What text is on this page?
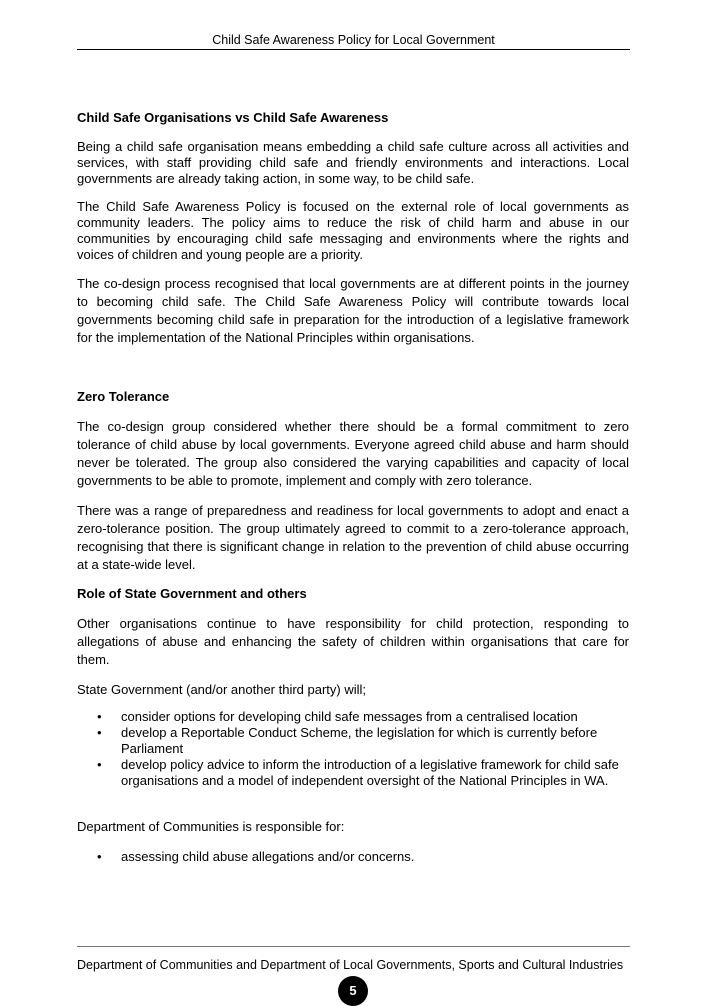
Child Safe Awareness Policy for Local Government
Child Safe Organisations vs Child Safe Awareness

Being a child safe organisation means embedding a child safe culture across all activities and services, with staff providing child safe and friendly environments and interactions. Local governments are already taking action, in some way, to be child safe.

The Child Safe Awareness Policy is focused on the external role of local governments as community leaders. The policy aims to reduce the risk of child harm and abuse in our communities by encouraging child safe messaging and environments where the rights and voices of children and young people are a priority.

The co-design process recognised that local governments are at different points in the journey to becoming child safe. The Child Safe Awareness Policy will contribute towards local governments becoming child safe in preparation for the introduction of a legislative framework for the implementation of the National Principles within organisations.

Zero Tolerance

The co-design group considered whether there should be a formal commitment to zero tolerance of child abuse by local governments. Everyone agreed child abuse and harm should never be tolerated. The group also considered the varying capabilities and capacity of local governments to be able to promote, implement and comply with zero tolerance.

There was a range of preparedness and readiness for local governments to adopt and enact a zero-tolerance position. The group ultimately agreed to commit to a zero-tolerance approach, recognising that there is significant change in relation to the prevention of child abuse occurring at a state-wide level.

Role of State Government and others

Other organisations continue to have responsibility for child protection, responding to allegations of abuse and enhancing the safety of children within organisations that care for them.

State Government (and/or another third party) will;

• consider options for developing child safe messages from a centralised location
• develop a Reportable Conduct Scheme, the legislation for which is currently before Parliament
• develop policy advice to inform the introduction of a legislative framework for child safe organisations and a model of independent oversight of the National Principles in WA.

Department of Communities is responsible for:

• assessing child abuse allegations and/or concerns.
Department of Communities and Department of Local Governments, Sports and Cultural Industries
5
